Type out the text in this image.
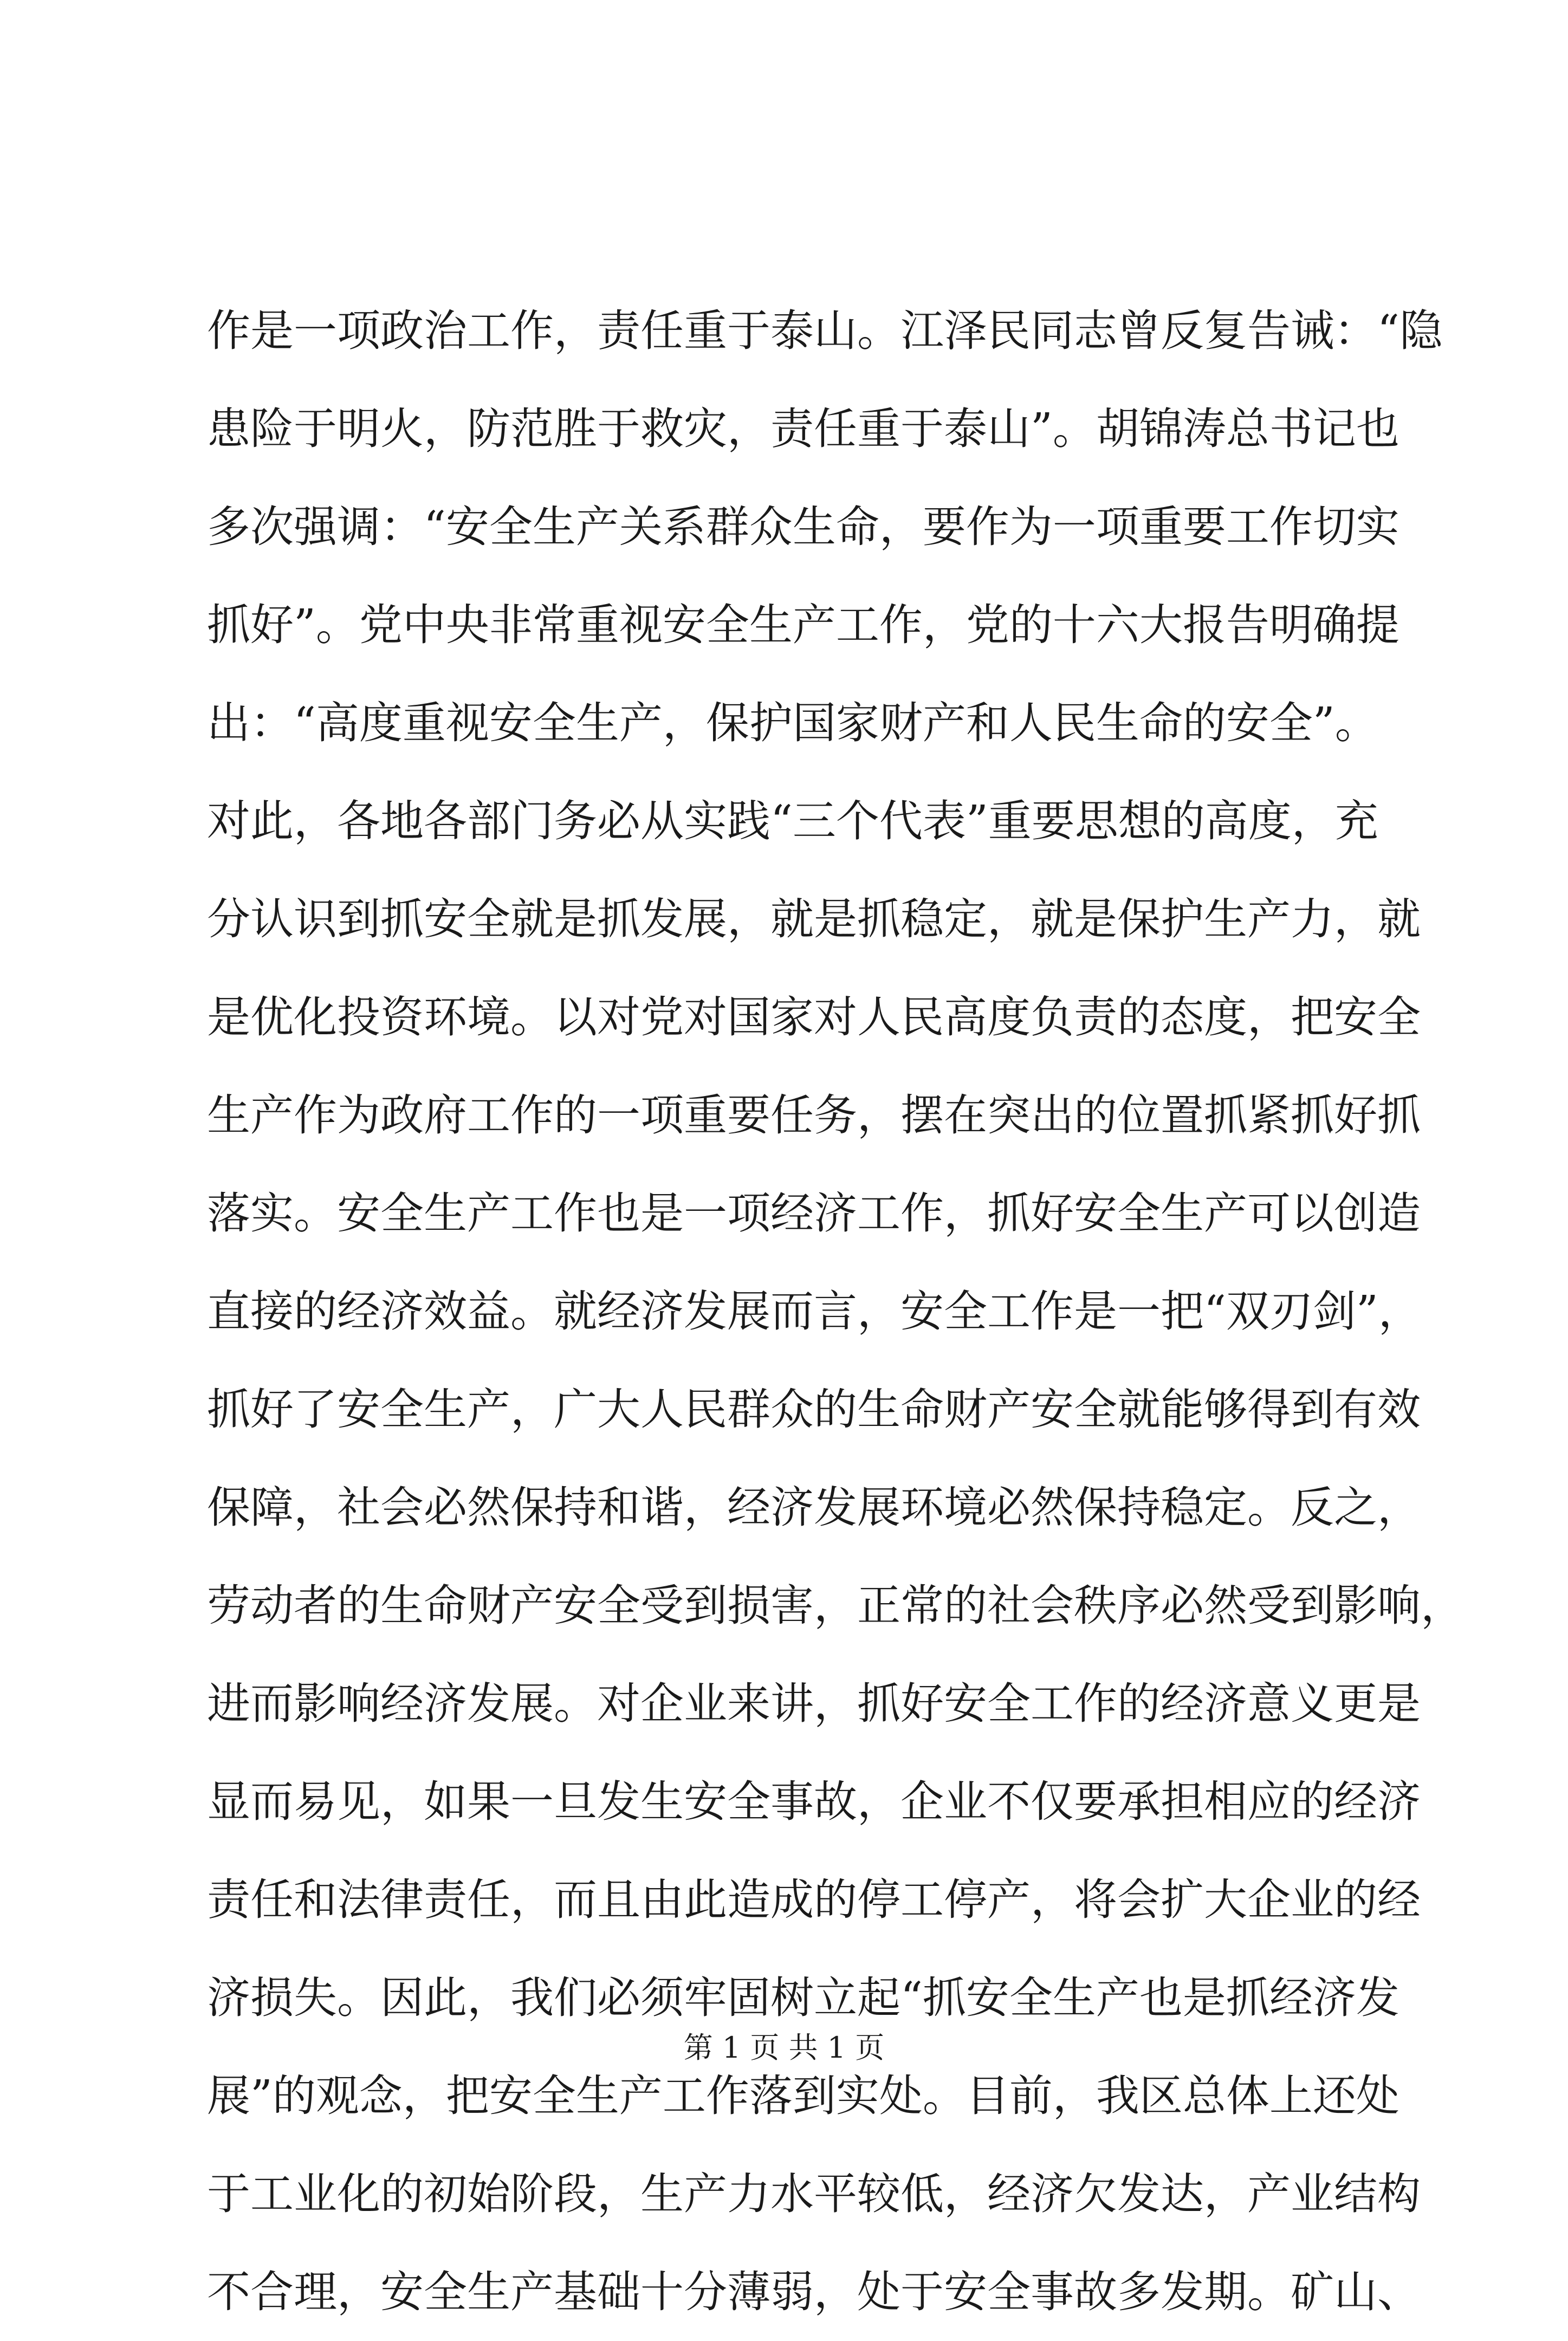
作是一项政治工作，责任重于泰山。江泽民同志曾反复告诫：“隐
患险于明火，防范胜于救灾，责任重于泰山”。胡锦涛总书记也
多次强调：“安全生产关系群众生命，要作为一项重要工作切实
抓好”。党中央非常重视安全生产工作，党的十六大报告明确提
出：“高度重视安全生产，保护国家财产和人民生命的安全”。
对此，各地各部门务必从实践“三个代表”重要思想的高度，充
分认识到抓安全就是抓发展，就是抓稳定，就是保护生产力，就
是优化投资环境。以对党对国家对人民高度负责的态度，把安全
生产作为政府工作的一项重要任务，摆在突出的位置抓紧抓好抓
落实。安全生产工作也是一项经济工作，抓好安全生产可以创造
直接的经济效益。就经济发展而言，安全工作是一把“双刃剑”，
抓好了安全生产，广大人民群众的生命财产安全就能够得到有效
保障，社会必然保持和谐，经济发展环境必然保持稳定。反之，
劳动者的生命财产安全受到损害，正常的社会秩序必然受到影响，
进而影响经济发展。对企业来讲，抓好安全工作的经济意义更是
显而易见，如果一旦发生安全事故，企业不仅要承担相应的经济
责任和法律责任，而且由此造成的停工停产，将会扩大企业的经
济损失。因此，我们必须牢固树立起“抓安全生产也是抓经济发
展”的观念，把安全生产工作落到实处。目前，我区总体上还处
于工业化的初始阶段，生产力水平较低，经济欠发达，产业结构
不合理，安全生产基础十分薄弱，处于安全事故多发期。矿山、
第 1 页 共 1 页
